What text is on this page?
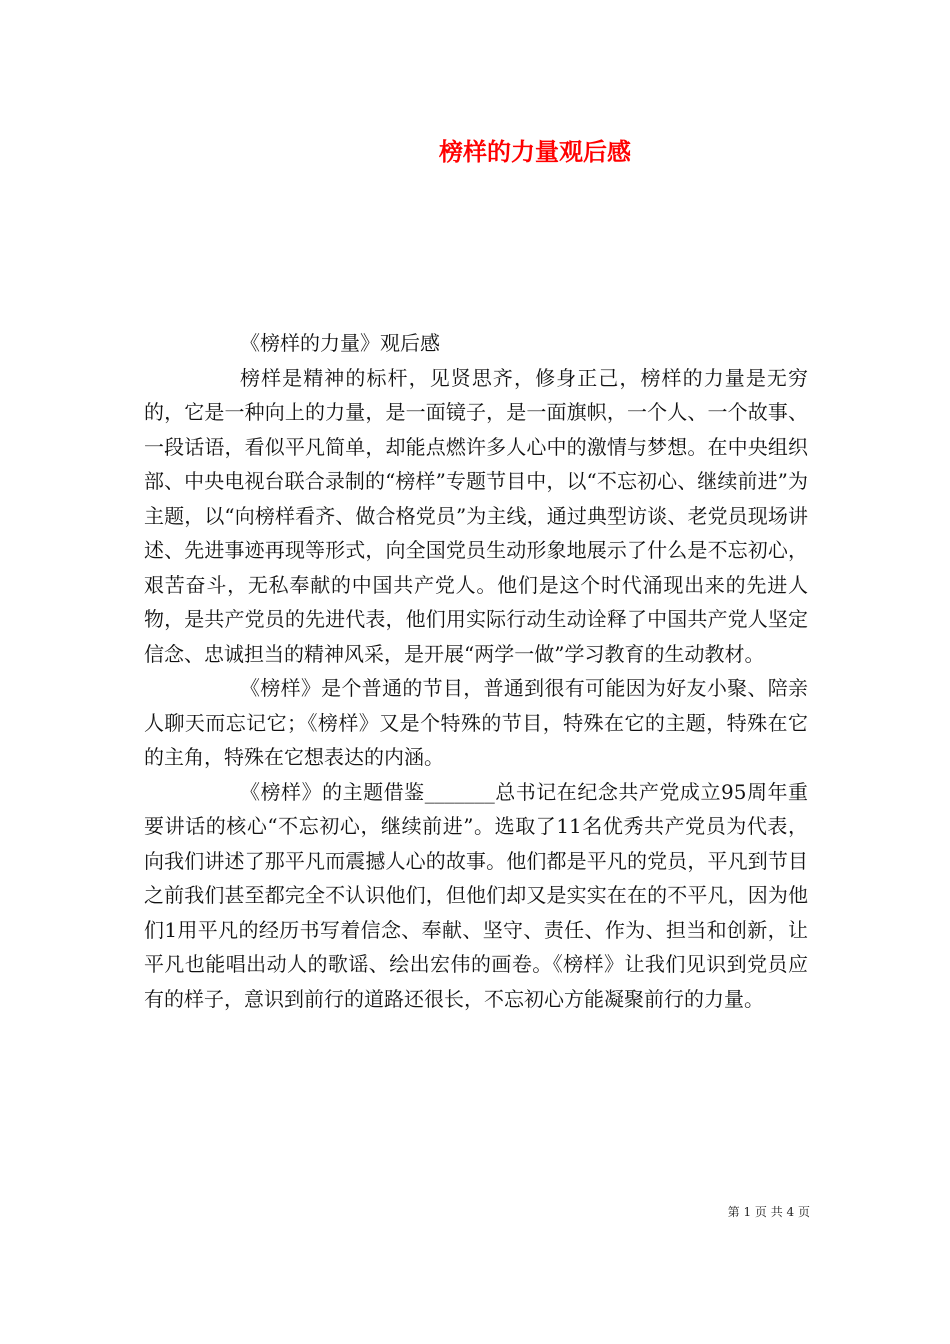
榜样的力量观后感

《榜样的力量》观后感

榜样是精神的标杆，见贤思齐，修身正己，榜样的力量是无穷的，它是一种向上的力量，是一面镜子，是一面旗帜，一个人、一个故事、一段话语，看似平凡简单，却能点燃许多人心中的激情与梦想。在中央组织部、中央电视台联合录制的“榜样”专题节目中，以“不忘初心、继续前进”为主题，以“向榜样看齐、做合格党员”为主线，通过典型访谈、老党员现场讲述、先进事迹再现等形式，向全国党员生动形象地展示了什么是不忘初心，艰苦奋斗，无私奉献的中国共产党人。他们是这个时代涌现出来的先进人物，是共产党员的先进代表，他们用实际行动生动诠释了中国共产党人坚定信念、忠诚担当的精神风采，是开展“两学一做”学习教育的生动教材。

《榜样》是个普通的节目，普通到很有可能因为好友小聚、陪亲人聊天而忘记它；《榜样》又是个特殊的节目，特殊在它的主题，特殊在它的主角，特殊在它想表达的内涵。

《榜样》的主题借鉴_______总书记在纪念共产党成立95周年重要讲话的核心“不忘初心，继续前进”。选取了11名优秀共产党员为代表，向我们讲述了那平凡而震撼人心的故事。他们都是平凡的党员，平凡到节目之前我们甚至都完全不认识他们，但他们却又是实实在在的不平凡，因为他们1用平凡的经历书写着信念、奉献、坚守、责任、作为、担当和创新，让平凡也能唱出动人的歌谣、绘出宏伟的画卷。《榜样》让我们见识到党员应有的样子，意识到前行的道路还很长，不忘初心方能凝聚前行的力量。

第 1 页 共 4 页
